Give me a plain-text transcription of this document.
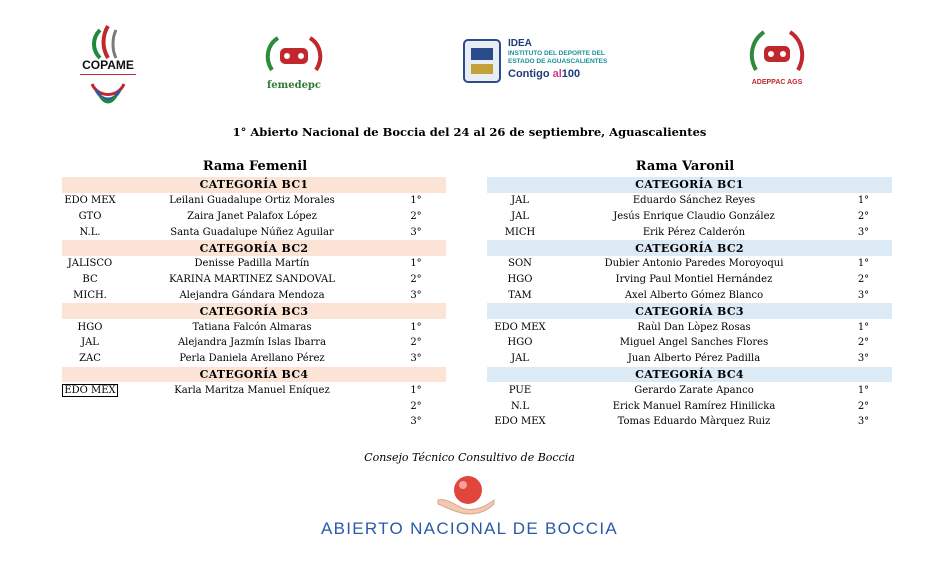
COPAME
femedepc
IDEA
INSTITUTO DEL DEPORTE DEL
ESTADO DE AGUASCALIENTES
Contigo al100
ADEPPAC AGS
1° Abierto Nacional de Boccia del 24 al 26 de septiembre, Aguascalientes
Rama Femenil	Rama Varonil
CATEGORÍA BC1		
EDO MEX	Leilani Guadalupe Ortiz Morales	1°
GTO	Zaira Janet Palafox López	2°
N.L.	Santa Guadalupe Núñez Aguilar	3°
CATEGORÍA BC2		
JALISCO	Denisse Padilla Martín	1°
BC	KARINA MARTINEZ SANDOVAL	2°
MICH.	Alejandra Gándara Mendoza	3°
CATEGORÍA BC3		
HGO	Tatiana Falcón Almaras	1°
JAL	Alejandra Jazmín Islas Ibarra	2°
ZAC	Perla Daniela Arellano Pérez	3°
CATEGORÍA BC4		
EDO MEX	Karla Maritza Manuel Eníquez	1°
		2°
		3°
CATEGORÍA BC1		
JAL	Eduardo Sánchez Reyes	1°
JAL	Jesús Enrique Claudio González	2°
MICH	Erik Pérez Calderón	3°
CATEGORÍA BC2		
SON	Dubier Antonio Paredes Moroyoqui	1°
HGO	Irving Paul Montiel Hernández	2°
TAM	Axel Alberto Gómez Blanco	3°
CATEGORÍA BC3		
EDO MEX	Raùl Dan Lòpez Rosas	1°
HGO	Miguel Angel Sanches Flores	2°
JAL	Juan Alberto Pérez Padilla	3°
CATEGORÍA BC4		
PUE	Gerardo Zarate Apanco	1°
N.L	Erick Manuel Ramírez Hinilicka	2°
EDO MEX	Tomas Eduardo Màrquez Ruiz	3°
Consejo Técnico Consultivo de Boccia
ABIERTO NACIONAL DE BOCCIA
